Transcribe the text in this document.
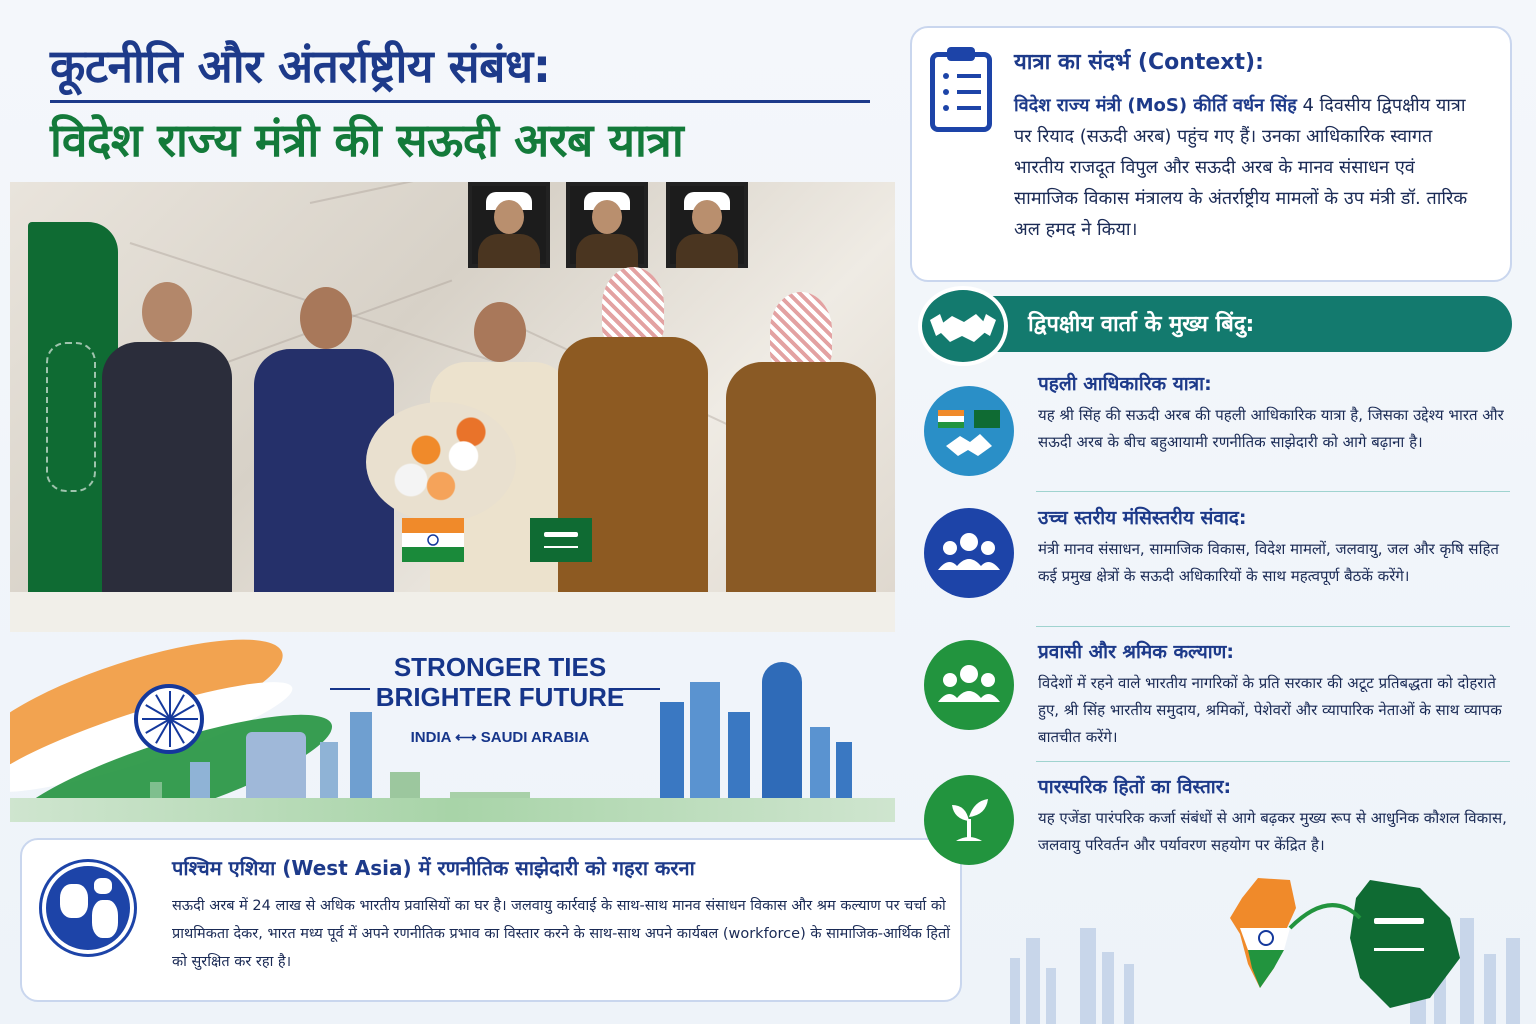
कूटनीति और अंतर्राष्ट्रीय संबंध:
विदेश राज्य मंत्री की सऊदी अरब यात्रा
STRONGER TIES
BRIGHTER FUTURE
INDIA ⟷ SAUDI ARABIA
पश्चिम एशिया (West Asia) में रणनीतिक साझेदारी को गहरा करना
सऊदी अरब में 24 लाख से अधिक भारतीय प्रवासियों का घर है। जलवायु कार्रवाई के साथ-साथ मानव संसाधन विकास और श्रम कल्याण पर चर्चा को प्राथमिकता देकर, भारत मध्य पूर्व में अपने रणनीतिक प्रभाव का विस्तार करने के साथ-साथ अपने कार्यबल (workforce) के सामाजिक-आर्थिक हितों को सुरक्षित कर रहा है।
यात्रा का संदर्भ (Context):
विदेश राज्य मंत्री (MoS) कीर्ति वर्धन सिंह 4 दिवसीय द्विपक्षीय यात्रा पर रियाद (सऊदी अरब) पहुंच गए हैं। उनका आधिकारिक स्वागत भारतीय राजदूत विपुल और सऊदी अरब के मानव संसाधन एवं सामाजिक विकास मंत्रालय के अंतर्राष्ट्रीय मामलों के उप मंत्री डॉ. तारिक अल हमद ने किया।
द्विपक्षीय वार्ता के मुख्य बिंदु:
पहली आधिकारिक यात्रा:
यह श्री सिंह की सऊदी अरब की पहली आधिकारिक यात्रा है, जिसका उद्देश्य भारत और सऊदी अरब के बीच बहुआयामी रणनीतिक साझेदारी को आगे बढ़ाना है।
उच्च स्तरीय मंसिस्तरीय संवाद:
मंत्री मानव संसाधन, सामाजिक विकास, विदेश मामलों, जलवायु, जल और कृषि सहित कई प्रमुख क्षेत्रों के सऊदी अधिकारियों के साथ महत्वपूर्ण बैठकें करेंगे।
प्रवासी और श्रमिक कल्याण:
विदेशों में रहने वाले भारतीय नागरिकों के प्रति सरकार की अटूट प्रतिबद्धता को दोहराते हुए, श्री सिंह भारतीय समुदाय, श्रमिकों, पेशेवरों और व्यापारिक नेताओं के साथ व्यापक बातचीत करेंगे।
पारस्परिक हितों का विस्तार:
यह एजेंडा पारंपरिक कर्जा संबंधों से आगे बढ़कर मुख्य रूप से आधुनिक कौशल विकास, जलवायु परिवर्तन और पर्यावरण सहयोग पर केंद्रित है।
